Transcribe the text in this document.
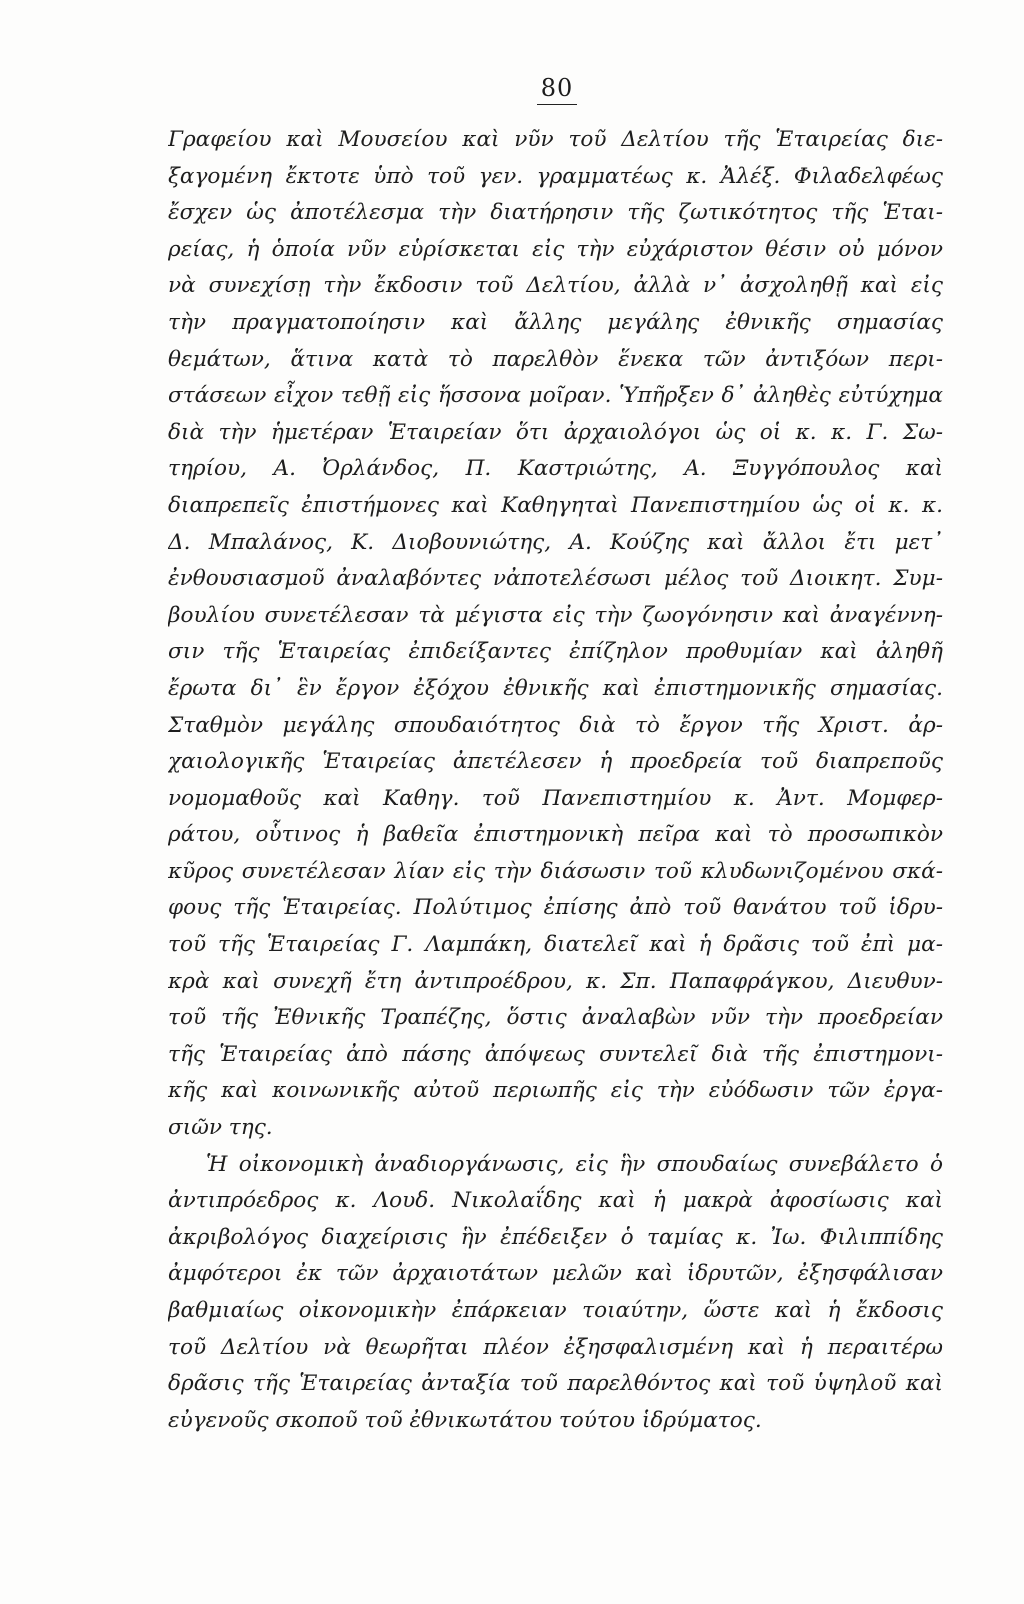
80
Γραφείου καὶ Μουσείου καὶ νῦν τοῦ Δελτίου τῆς Ἑταιρείας διε-
ξαγομένη ἔκτοτε ὑπὸ τοῦ γεν. γραμματέως κ. Ἀλέξ. Φιλαδελφέως
ἔσχεν ὡς ἀποτέλεσμα τὴν διατήρησιν τῆς ζωτικότητος τῆς Ἑται-
ρείας, ἡ ὁποία νῦν εὑρίσκεται εἰς τὴν εὐχάριστον θέσιν οὐ μόνον
νὰ συνεχίσῃ τὴν ἔκδοσιν τοῦ Δελτίου, ἀλλὰ ν᾿ ἀσχοληθῇ καὶ εἰς
τὴν πραγματοποίησιν καὶ ἄλλης μεγάλης ἐθνικῆς σημασίας
θεμάτων, ἅτινα κατὰ τὸ παρελθὸν ἕνεκα τῶν ἀντιξόων περι-
στάσεων εἶχον τεθῇ εἰς ἥσσονα μοῖραν. Ὑπῆρξεν δ᾿ ἀληθὲς εὐτύχημα
διὰ τὴν ἡμετέραν Ἑταιρείαν ὅτι ἀρχαιολόγοι ὡς οἱ κ. κ. Γ. Σω-
τηρίου, Α. Ὀρλάνδος, Π. Καστριώτης, Α. Ξυγγόπουλος καὶ
διαπρεπεῖς ἐπιστήμονες καὶ Καθηγηταὶ Πανεπιστημίου ὡς οἱ κ. κ.
Δ. Μπαλάνος, Κ. Διοβουνιώτης, Α. Κούζης καὶ ἄλλοι ἔτι μετ᾿
ἐνθουσιασμοῦ ἀναλαβόντες νἀποτελέσωσι μέλος τοῦ Διοικητ. Συμ-
βουλίου συνετέλεσαν τὰ μέγιστα εἰς τὴν ζωογόνησιν καὶ ἀναγέννη-
σιν τῆς Ἑταιρείας ἐπιδείξαντες ἐπίζηλον προθυμίαν καὶ ἀληθῆ
ἔρωτα δι᾿ ἓν ἔργον ἐξόχου ἐθνικῆς καὶ ἐπιστημονικῆς σημασίας.
Σταθμὸν μεγάλης σπουδαιότητος διὰ τὸ ἔργον τῆς Χριστ. ἀρ-
χαιολογικῆς Ἑταιρείας ἀπετέλεσεν ἡ προεδρεία τοῦ διαπρεποῦς
νομομαθοῦς καὶ Καθηγ. τοῦ Πανεπιστημίου κ. Ἀντ. Μομφερ-
ράτου, οὗτινος ἡ βαθεῖα ἐπιστημονικὴ πεῖρα καὶ τὸ προσωπικὸν
κῦρος συνετέλεσαν λίαν εἰς τὴν διάσωσιν τοῦ κλυδωνιζομένου σκά-
φους τῆς Ἑταιρείας. Πολύτιμος ἐπίσης ἀπὸ τοῦ θανάτου τοῦ ἱδρυ-
τοῦ τῆς Ἑταιρείας Γ. Λαμπάκη, διατελεῖ καὶ ἡ δρᾶσις τοῦ ἐπὶ μα-
κρὰ καὶ συνεχῆ ἔτη ἀντιπροέδρου, κ. Σπ. Παπαφράγκου, Διευθυν-
τοῦ τῆς Ἐθνικῆς Τραπέζης, ὅστις ἀναλαβὼν νῦν τὴν προεδρείαν
τῆς Ἑταιρείας ἀπὸ πάσης ἀπόψεως συντελεῖ διὰ τῆς ἐπιστημονι-
κῆς καὶ κοινωνικῆς αὐτοῦ περιωπῆς εἰς τὴν εὐόδωσιν τῶν ἐργα-
σιῶν της.
Ἡ οἰκονομικὴ ἀναδιοργάνωσις, εἰς ἣν σπουδαίως συνεβάλετο ὁ
ἀντιπρόεδρος κ. Λουδ. Νικολαΐδης καὶ ἡ μακρὰ ἀφοσίωσις καὶ
ἀκριβολόγος διαχείρισις ἣν ἐπέδειξεν ὁ ταμίας κ. Ἰω. Φιλιππίδης
ἀμφότεροι ἐκ τῶν ἀρχαιοτάτων μελῶν καὶ ἱδρυτῶν, ἐξησφάλισαν
βαθμιαίως οἰκονομικὴν ἐπάρκειαν τοιαύτην, ὥστε καὶ ἡ ἔκδοσις
τοῦ Δελτίου νὰ θεωρῆται πλέον ἐξησφαλισμένη καὶ ἡ περαιτέρω
δρᾶσις τῆς Ἑταιρείας ἀνταξία τοῦ παρελθόντος καὶ τοῦ ὑψηλοῦ καὶ
εὐγενοῦς σκοποῦ τοῦ ἐθνικωτάτου τούτου ἱδρύματος.
